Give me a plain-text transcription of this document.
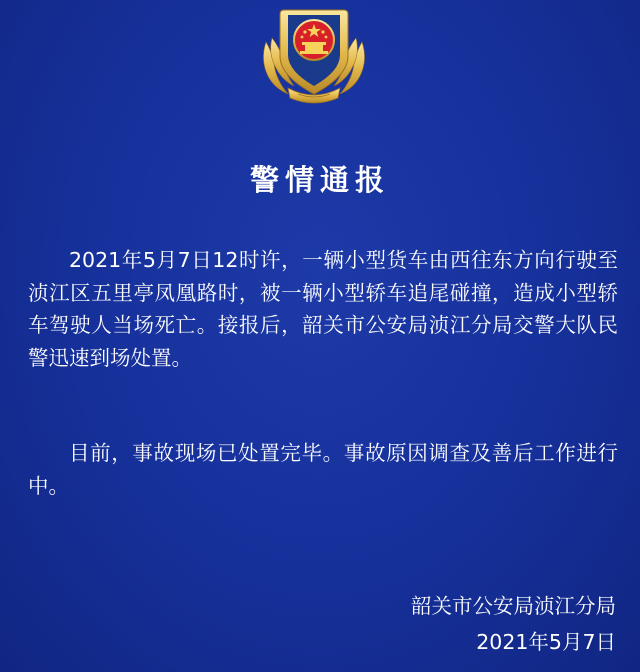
警情通报

2021年5月7日12时许，一辆小型货车由西往东方向行驶至浈江区五里亭凤凰路时，被一辆小型轿车追尾碰撞，造成小型轿车驾驶人当场死亡。接报后，韶关市公安局浈江分局交警大队民警迅速到场处置。

目前，事故现场已处置完毕。事故原因调查及善后工作进行中。

韶关市公安局浈江分局

2021年5月7日
